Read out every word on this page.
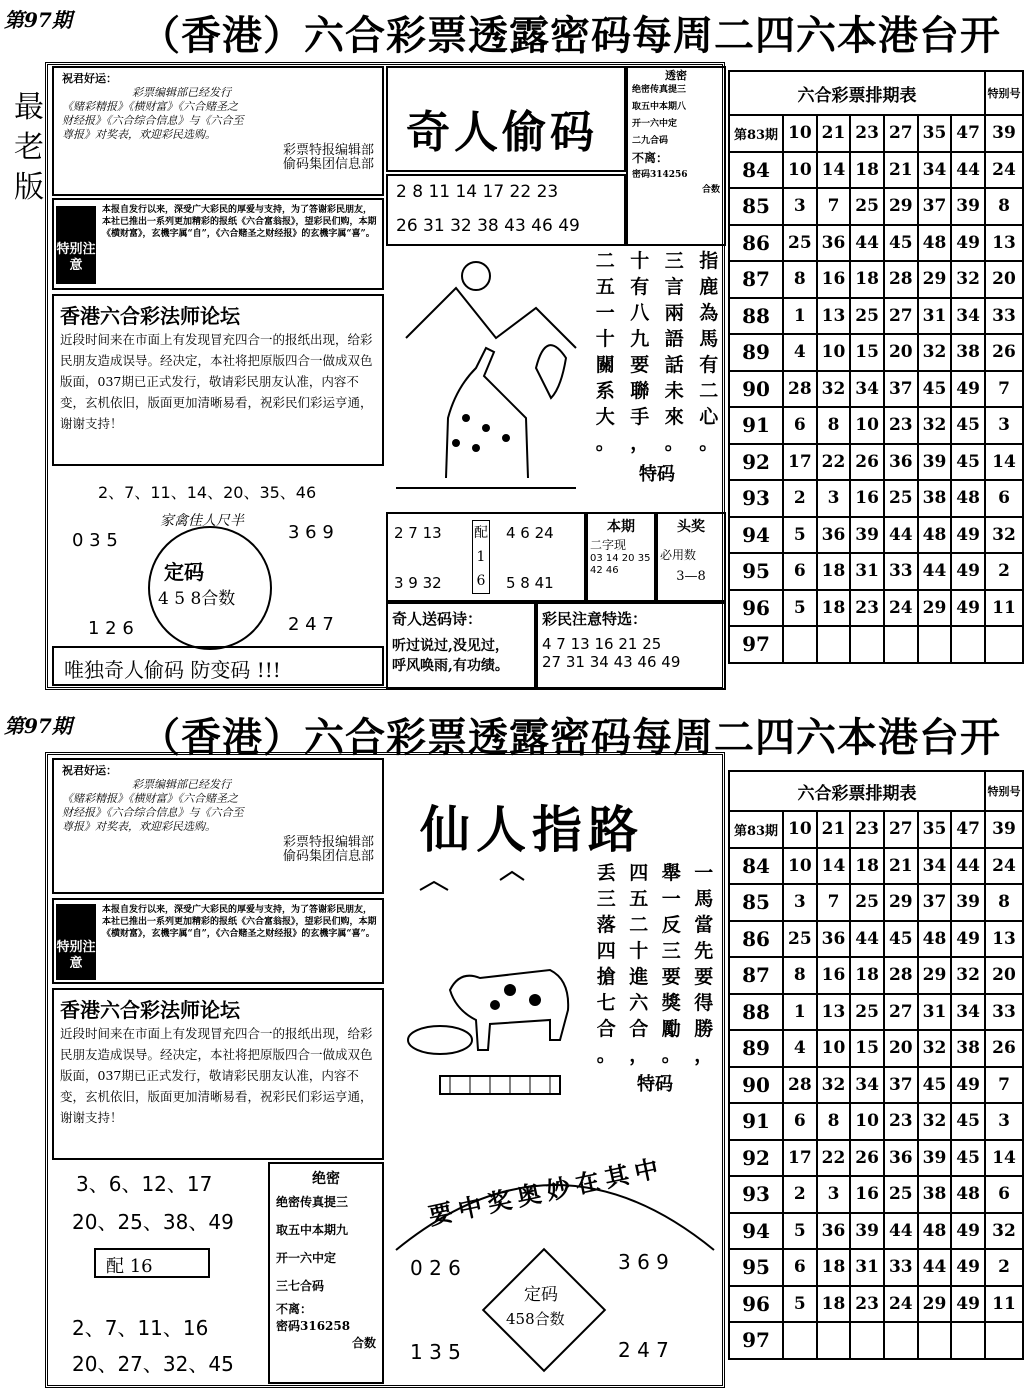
第97期 （香港）六合彩票透露密码每周二四六本港台开
最
老
版
祝君好运：
彩票编辑部已经发行
《赌彩精报》《横财富》《六合赌圣之
财经报》《六合综合信息》与《六合至
尊报》对奖表，欢迎彩民选购。
彩票特报编辑部
偷码集团信息部
特别注意
本报自发行以来，深受广大彩民的厚爱与支持，为了答谢彩民朋友，本社已推出一系列更加精彩的报纸《六合富翁报》，望彩民们购，本期《横财富》，玄機字属“自”，《六合赌圣之财经报》的玄機字属“喜”。
香港六合彩法师论坛
近段时间来在市面上有发现冒充四合一的报纸出现，给彩民朋友造成误导。经决定，本社将把原版四合一做成双色版面，037期已正式发行，敬请彩民朋友认准，内容不变，玄机依旧，版面更加清晰易看，祝彩民们彩运亨通，谢谢支持！
2、7、11、14、20、35、46
家禽佳人尺半
0 3 5	3 6 9
1 2 6	2 4 7
定码
4 5 8合数
唯独奇人偷码 防变码 !!!
奇人偷码
2 8 11 14 17 22 23
26 31 32 38 43 46 49
透密
绝密传真提三
取五中本期八
开一六中定
二九合码
不离：
密码314256
合数
二
五
一
十
關
系
大
。
十
有
八
九
要
聯
手
，
三
言
兩
語
話
未
來
。
指
鹿
為
馬
有
二
心
。
特码
2 7 13
3 9 32
配 1 6
4 6 24
5 8 41
本期
二字现
03 14 20 35 42 46
头奖
必用数
3—8
奇人送码诗：
听过说过,没见过，
呼风唤雨,有功绩。
彩民注意特选：
4 7 13 16 21 25
27 31 34 43 46 49
六合彩票排期表							特别号
第83期	10	21	23	27	35	47	39
84	10	14	18	21	34	44	24
85	3	7	25	29	37	39	8
86	25	36	44	45	48	49	13
87	8	16	18	28	29	32	20
88	1	13	25	27	31	34	33
89	4	10	15	20	32	38	26
90	28	32	34	37	45	49	7
91	6	8	10	23	32	45	3
92	17	22	26	36	39	45	14
93	2	3	16	25	38	48	6
94	5	36	39	44	48	49	32
95	6	18	31	33	44	49	2
96	5	18	23	24	29	49	11
97							
第97期 （香港）六合彩票透露密码每周二四六本港台开
祝君好运：
彩票编辑部已经发行
《赌彩精报》《横财富》《六合赌圣之
财经报》《六合综合信息》与《六合至
尊报》对奖表，欢迎彩民选购。
彩票特报编辑部
偷码集团信息部
特别注意
本报自发行以来，深受广大彩民的厚爱与支持，为了答谢彩民朋友，本社已推出一系列更加精彩的报纸《六合富翁报》，望彩民们购，本期《横财富》，玄機字属“自”，《六合赌圣之财经报》的玄機字属“喜”。
香港六合彩法师论坛
近段时间来在市面上有发现冒充四合一的报纸出现，给彩民朋友造成误导。经决定，本社将把原版四合一做成双色版面，037期已正式发行，敬请彩民朋友认准，内容不变，玄机依旧，版面更加清晰易看，祝彩民们彩运亨通，谢谢支持！
3、6、12、17
20、25、38、49
配 16
2、7、11、16
20、27、32、45
绝密
绝密传真提三
取五中本期九
开一六中定
三七合码
不离：
密码316258
合数
仙人指路
丢
三
落
四
搶
七
合
。
四
五
二
十
進
六
合
，
舉
一
反
三
要
獎
勵
。
一
馬
當
先
要
得
勝
，
特码
要中奖奥妙在其中
0 2 6	3 6 9
1 3 5	2 4 7
定码
458合数
六合彩票排期表							特别号
第83期	10	21	23	27	35	47	39
84	10	14	18	21	34	44	24
85	3	7	25	29	37	39	8
86	25	36	44	45	48	49	13
87	8	16	18	28	29	32	20
88	1	13	25	27	31	34	33
89	4	10	15	20	32	38	26
90	28	32	34	37	45	49	7
91	6	8	10	23	32	45	3
92	17	22	26	36	39	45	14
93	2	3	16	25	38	48	6
94	5	36	39	44	48	49	32
95	6	18	31	33	44	49	2
96	5	18	23	24	29	49	11
97							
